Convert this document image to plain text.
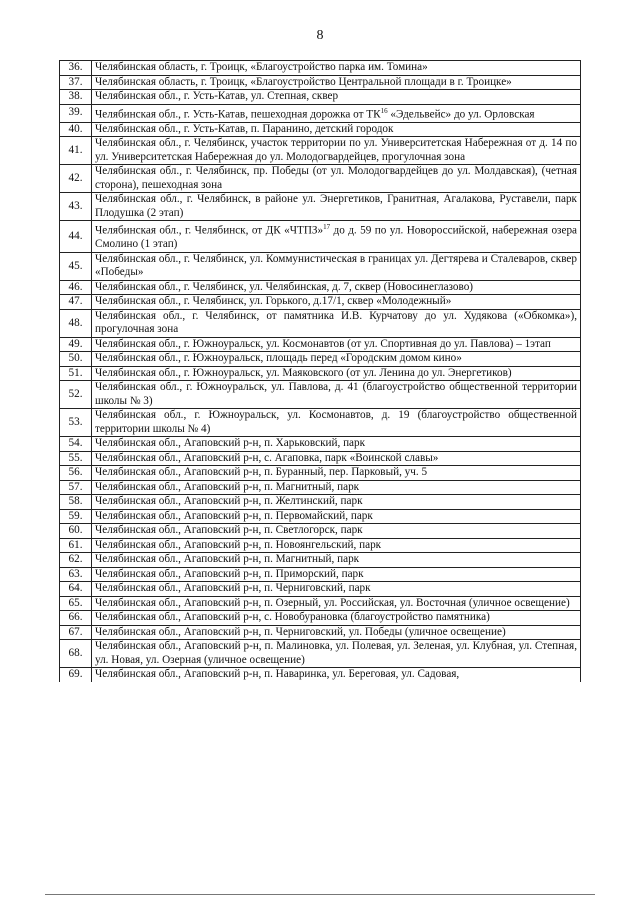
8
36.	Челябинская область, г. Троицк, «Благоустройство парка им. Томина»
37.	Челябинская область, г. Троицк, «Благоустройство Центральной площади в г. Троицке»
38.	Челябинская обл., г. Усть-Катав, ул. Степная, сквер
39.	Челябинская обл., г. Усть-Катав, пешеходная дорожка от ТК$^{16}$ «Эдельвейс» до ул. Орловская
40.	Челябинская обл., г. Усть-Катав, п. Паранино, детский городок
41.	Челябинская обл., г. Челябинск, участок территории по ул. Университетская Набережная от д. 14 по ул. Университетская Набережная до ул. Молодогвардейцев, прогулочная зона
42.	Челябинская обл., г. Челябинск, пр. Победы (от ул. Молодогвардейцев до ул. Молдавская), (четная сторона), пешеходная зона
43.	Челябинская обл., г. Челябинск, в районе ул. Энергетиков, Гранитная, Агалакова, Руставели, парк Плодушка (2 этап)
44.	Челябинская обл., г. Челябинск, от ДК «ЧТПЗ»$^{17}$ до д. 59 по ул. Новороссийской, набережная озера Смолино (1 этап)
45.	Челябинская обл., г. Челябинск, ул. Коммунистическая в границах ул. Дегтярева и Сталеваров, сквер «Победы»
46.	Челябинская обл., г. Челябинск, ул. Челябинская, д. 7, сквер (Новосинеглазово)
47.	Челябинская обл., г. Челябинск, ул. Горького, д.17/1, сквер «Молодежный»
48.	Челябинская обл., г. Челябинск, от памятника И.В. Курчатову до ул. Худякова («Обкомка»), прогулочная зона
49.	Челябинская обл., г. Южноуральск, ул. Космонавтов (от ул. Спортивная до ул. Павлова) – 1этап
50.	Челябинская обл., г. Южноуральск, площадь перед «Городским домом кино»
51.	Челябинская обл., г. Южноуральск, ул. Маяковского (от ул. Ленина до ул. Энергетиков)
52.	Челябинская обл., г. Южноуральск, ул. Павлова, д. 41 (благоустройство общественной территории школы № 3)
53.	Челябинская обл., г. Южноуральск, ул. Космонавтов, д. 19 (благоустройство общественной территории школы № 4)
54.	Челябинская обл., Агаповский р-н, п. Харьковский, парк
55.	Челябинская обл., Агаповский р-н, с. Агаповка, парк «Воинской славы»
56.	Челябинская обл., Агаповский р-н, п. Буранный, пер. Парковый, уч. 5
57.	Челябинская обл., Агаповский р-н, п. Магнитный, парк
58.	Челябинская обл., Агаповский р-н, п. Желтинский, парк
59.	Челябинская обл., Агаповский р-н, п. Первомайский, парк
60.	Челябинская обл., Агаповский р-н, п. Светлогорск, парк
61.	Челябинская обл., Агаповский р-н, п. Новоянгельский, парк
62.	Челябинская обл., Агаповский р-н, п. Магнитный, парк
63.	Челябинская обл., Агаповский р-н, п. Приморский, парк
64.	Челябинская обл., Агаповский р-н, п. Черниговский, парк
65.	Челябинская обл., Агаповский р-н, п. Озерный, ул. Российская, ул. Восточная (уличное освещение)
66.	Челябинская обл., Агаповский р-н, с. Новобурановка (благоустройство памятника)
67.	Челябинская обл., Агаповский р-н, п. Черниговский, ул. Победы (уличное освещение)
68.	Челябинская обл., Агаповский р-н, п. Малиновка, ул. Полевая, ул. Зеленая, ул. Клубная, ул. Степная, ул. Новая, ул. Озерная (уличное освещение)
69.	Челябинская обл., Агаповский р-н, п. Наваринка, ул. Береговая, ул. Садовая,
